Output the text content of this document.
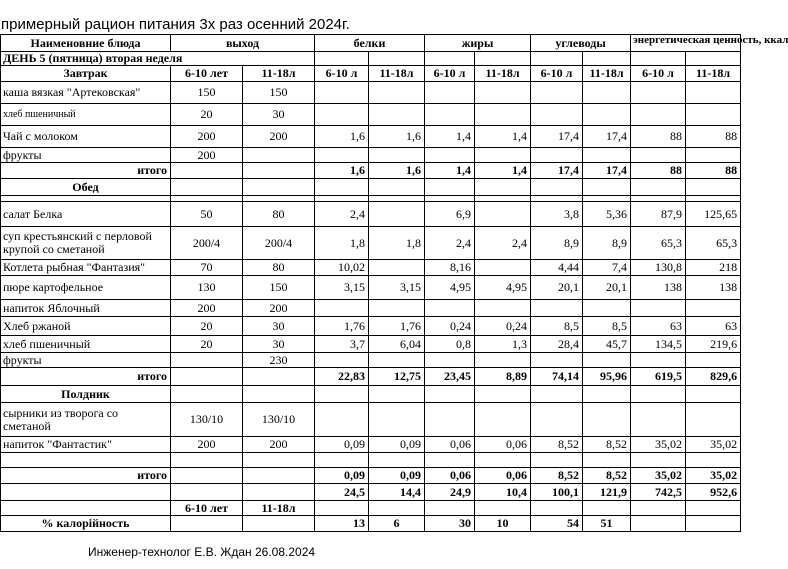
примерный рацион питания 3х раз осенний 2024г.
Наименовние блюда	выход		белки		жиры		углеводы		энергетическая ценность, ккал	
ДЕНЬ 5 (пятница) вторая неделя										
Завтрак	6-10 лет	11-18л	6-10 л	11-18л	6-10 л	11-18л	6-10 л	11-18л	6-10 л	11-18л
каша вязкая "Артековская"	150	150								
хлеб пшеничный	20	30								
Чай с молоком	200	200	1,6	1,6	1,4	1,4	17,4	17,4	88	88
фрукты	200									
итого			1,6	1,6	1,4	1,4	17,4	17,4	88	88
Обед										

салат Белка	50	80	2,4		6,9		3,8	5,36	87,9	125,65
суп крестьянский с перловой крупой со сметаной	200/4	200/4	1,8	1,8	2,4	2,4	8,9	8,9	65,3	65,3
Котлета рыбная "Фантазия"	70	80	10,02		8,16		4,44	7,4	130,8	218
пюре картофельное	130	150	3,15	3,15	4,95	4,95	20,1	20,1	138	138
напиток Яблочный	200	200								
Хлеб ржаной	20	30	1,76	1,76	0,24	0,24	8,5	8,5	63	63
хлеб пшеничный	20	30	3,7	6,04	0,8	1,3	28,4	45,7	134,5	219,6
фрукты		230								
итого			22,83	12,75	23,45	8,89	74,14	95,96	619,5	829,6
Полдник										
сырники из творога со сметаной	130/10	130/10								
напиток "Фантастик"	200	200	0,09	0,09	0,06	0,06	8,52	8,52	35,02	35,02

итого			0,09	0,09	0,06	0,06	8,52	8,52	35,02	35,02
			24,5	14,4	24,9	10,4	100,1	121,9	742,5	952,6
	6-10 лет	11-18л								
% калорійность			13	6	30	10	54	51		
Инженер-технолог Е.В. Ждан 26.08.2024
